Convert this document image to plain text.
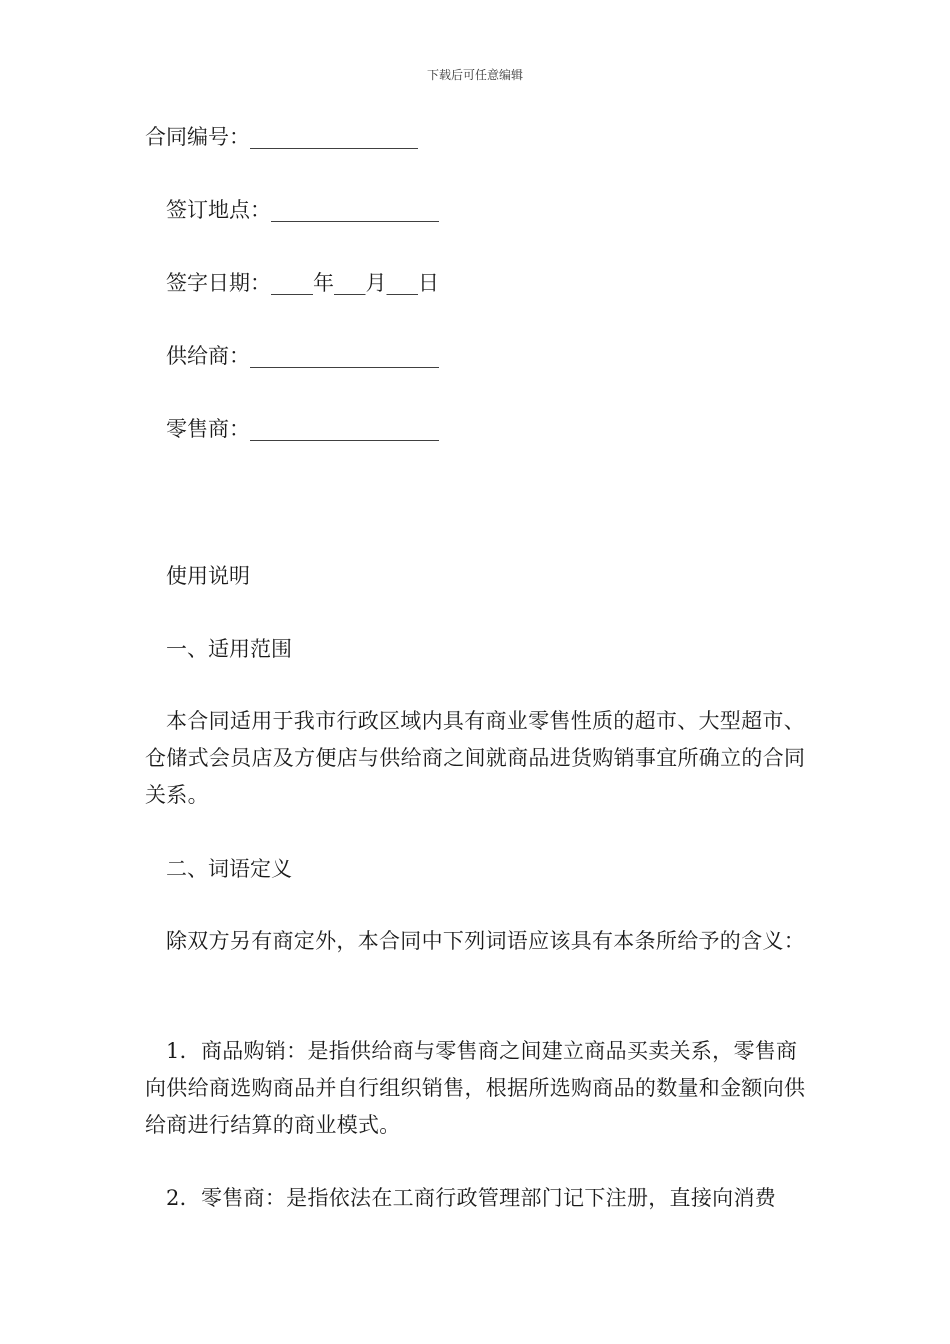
下载后可任意编辑
合同编号：________________
签订地点：________________
签字日期：____年___月___日
供给商：__________________
零售商：__________________
使用说明
一、适用范围
本合同适用于我市行政区域内具有商业零售性质的超市、大型超市、仓储式会员店及方便店与供给商之间就商品进货购销事宜所确立的合同关系。
二、词语定义
除双方另有商定外，本合同中下列词语应该具有本条所给予的含义：
1．商品购销：是指供给商与零售商之间建立商品买卖关系，零售商向供给商选购商品并自行组织销售，根据所选购商品的数量和金额向供给商进行结算的商业模式。
2．零售商：是指依法在工商行政管理部门记下注册，直接向消费
